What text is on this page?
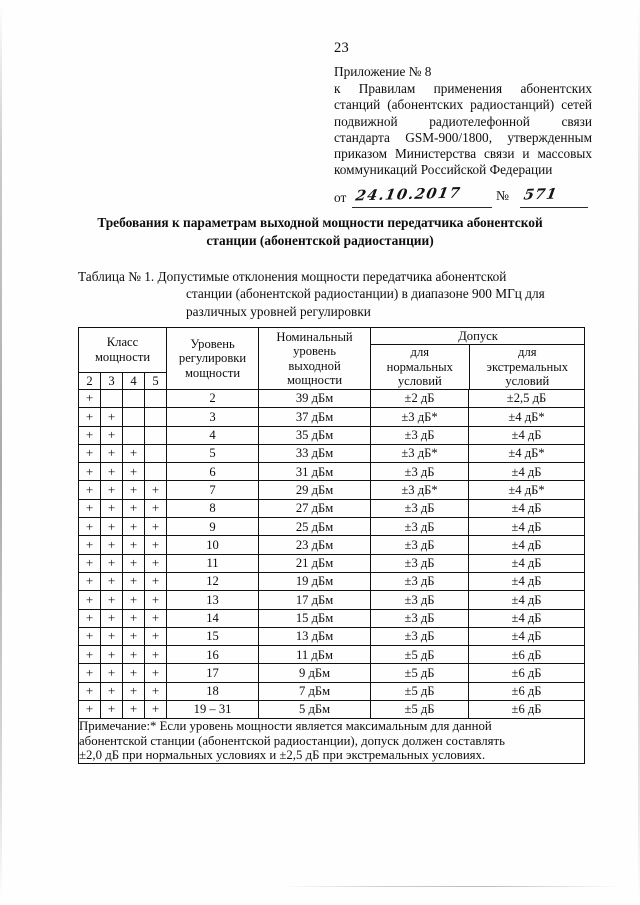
23

Приложение № 8

к Правилам применения абонентских станций (абонентских радиостанций) сетей подвижной радиотелефонной связи стандарта GSM-900/1800, утвержденным приказом Министерства связи и массовых коммуникаций Российской Федерации

от 24.10.2017 № 571
Требования к параметрам выходной мощности передатчика абонентской станции (абонентской радиостанции)
Таблица № 1. Допустимые отклонения мощности передатчика абонентской
станции (абонентской радиостанции) в диапазоне 900 МГц для
различных уровней регулировки
Класс
мощности	Уровень
регулировки
мощности	Номинальный
уровень
выходной
мощности	
Допуск
для
нормальных
условий	для
экстремальных
условий

2	3	4	5
+				2	39 дБм	±2 дБ	±2,5 дБ
+	+			3	37 дБм	±3 дБ*	±4 дБ*
+	+			4	35 дБм	±3 дБ	±4 дБ
+	+	+		5	33 дБм	±3 дБ*	±4 дБ*
+	+	+		6	31 дБм	±3 дБ	±4 дБ
+	+	+	+	7	29 дБм	±3 дБ*	±4 дБ*
+	+	+	+	8	27 дБм	±3 дБ	±4 дБ
+	+	+	+	9	25 дБм	±3 дБ	±4 дБ
+	+	+	+	10	23 дБм	±3 дБ	±4 дБ
+	+	+	+	11	21 дБм	±3 дБ	±4 дБ
+	+	+	+	12	19 дБм	±3 дБ	±4 дБ
+	+	+	+	13	17 дБм	±3 дБ	±4 дБ
+	+	+	+	14	15 дБм	±3 дБ	±4 дБ
+	+	+	+	15	13 дБм	±3 дБ	±4 дБ
+	+	+	+	16	11 дБм	±5 дБ	±6 дБ
+	+	+	+	17	9 дБм	±5 дБ	±6 дБ
+	+	+	+	18	7 дБм	±5 дБ	±6 дБ
+	+	+	+	19 – 31	5 дБм	±5 дБ	±6 дБ

Примечание:* Если уровень мощности является максимальным для данной
абонентской станции (абонентской радиостанции), допуск должен составлять
±2,0 дБ при нормальных условиях и ±2,5 дБ при экстремальных условиях.
